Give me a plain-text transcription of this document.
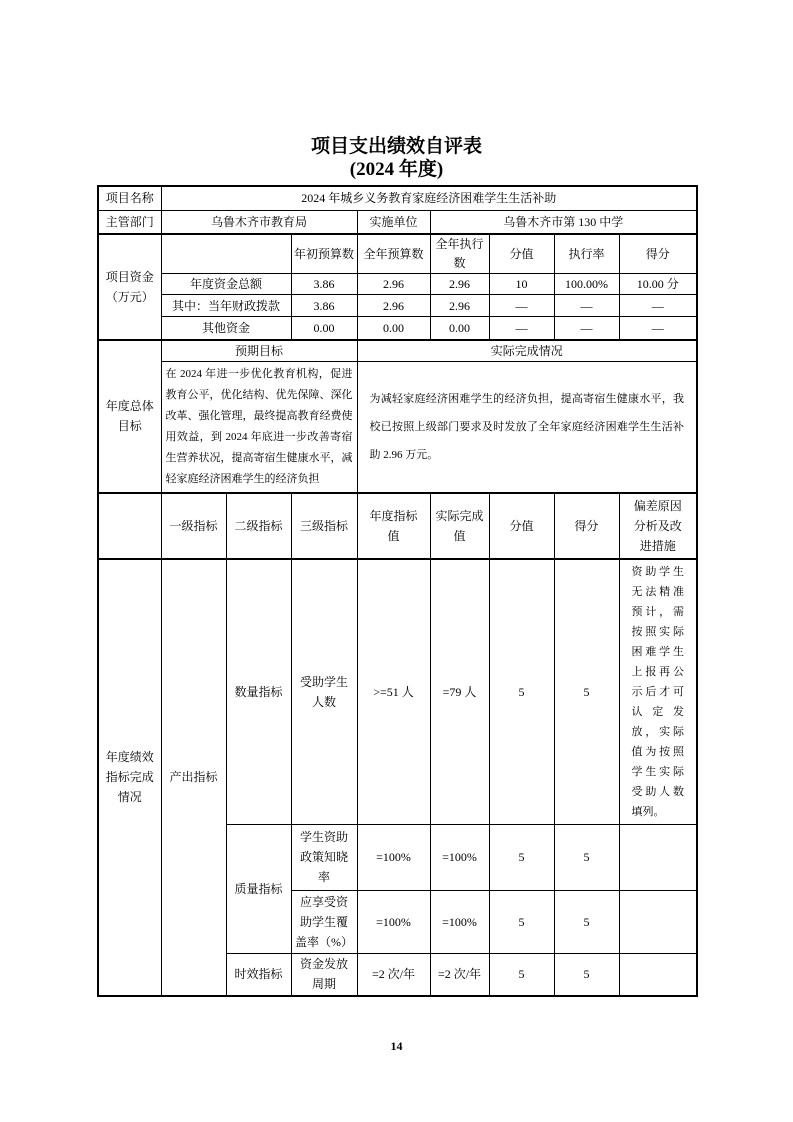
项目支出绩效自评表
(2024 年度)
项目名称	2024 年城乡义务教育家庭经济困难学生生活补助							
主管部门	乌鲁木齐市教育局			实施单位	乌鲁木齐市第 130 中学			
项目资金（万元）			年初预算数	全年预算数	全年执行数	分值	执行率	得分
	年度资金总额		3.86	2.96	2.96	10	100.00%	10.00 分
	其中：当年财政拨款		3.86	2.96	2.96	—	—	—
	其他资金		0.00	0.00	0.00	—	—	—
年度总体目标	预期目标			实际完成情况				
	在 2024 年进一步优化教育机构，促进教育公平，优化结构、优先保障、深化改革、强化管理，最终提高教育经费使用效益，到 2024 年底进一步改善寄宿生营养状况，提高寄宿生健康水平，减轻家庭经济困难学生的经济负担			为减轻家庭经济困难学生的经济负担，提高寄宿生健康水平，我校已按照上级部门要求及时发放了全年家庭经济困难学生生活补助 2.96 万元。				
	一级指标	二级指标	三级指标	年度指标值	实际完成值	分值	得分	偏差原因分析及改进措施
年度绩效指标完成情况	产出指标	数量指标	受助学生人数	>=51 人	=79 人	5	5	资助学生无法精准预计，需按照实际困难学生上报再公示后才可认定发放，实际值为按照学生实际受助人数填列。
		质量指标	学生资助政策知晓率	=100%	=100%	5	5	
			应享受资助学生覆盖率（%）	=100%	=100%	5	5	
		时效指标	资金发放周期	=2 次/年	=2 次/年	5	5	
14
